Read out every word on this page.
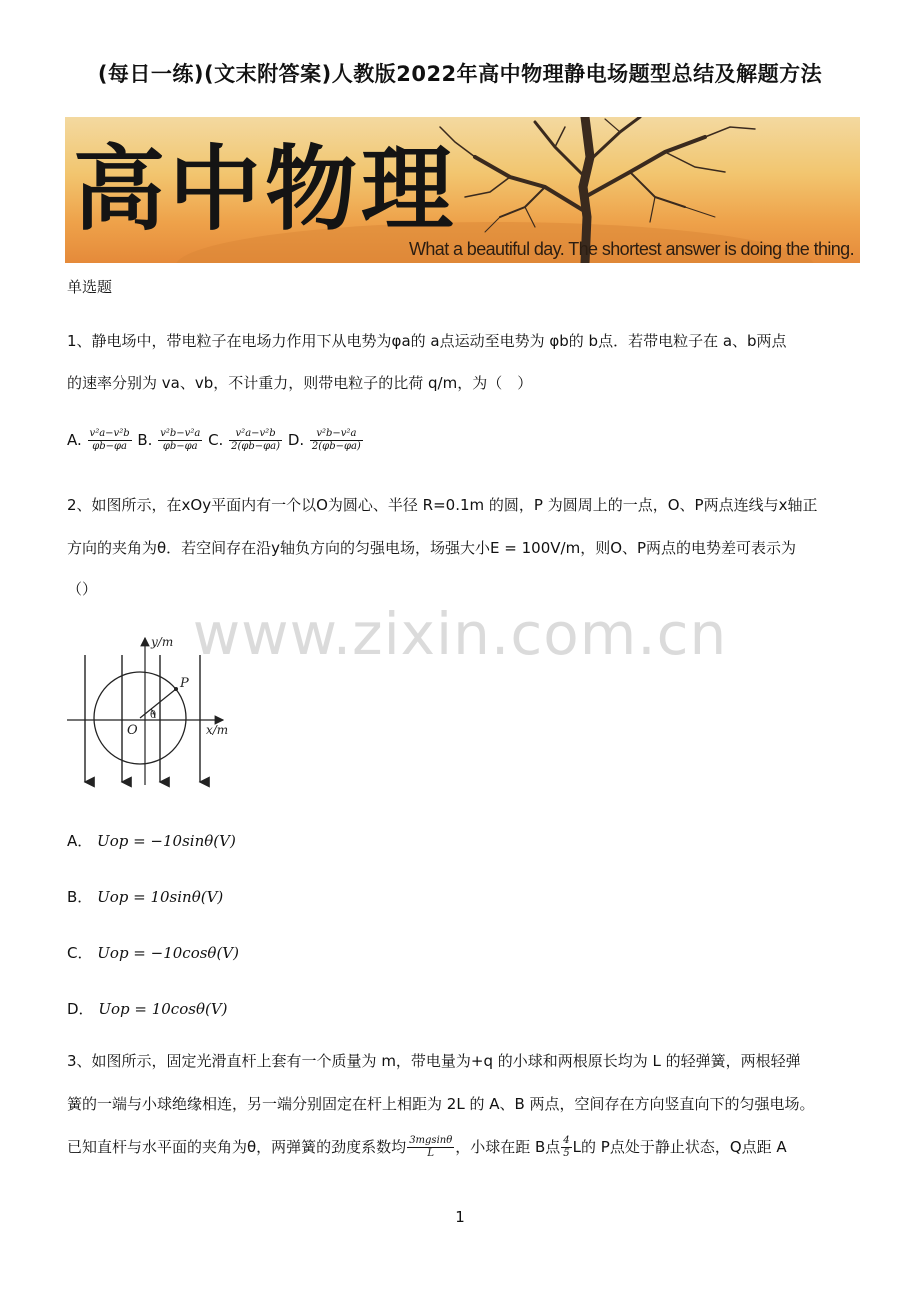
(每日一练)(文末附答案)人教版2022年高中物理静电场题型总结及解题方法
高中物理
What a beautiful day. The shortest answer is doing the thing.
单选题
1、静电场中，带电粒子在电场力作用下从电势为φa的 a点运动至电势为 φb的 b点．若带电粒子在 a、b两点
的速率分别为 va、vb，不计重力，则带电粒子的比荷 q/m，为（　）
A. $\frac{\text{v²a−v²b}}{\varphi b-\varphi a} B$. $\frac{\text{v²b−v²a}}{\varphi b-\varphi a} C$. $\frac{\text{v²a−v²b}}{2(\varphi b-\varphi a)} D$. $\frac{\text{v²b−v²a}}{2(\varphi b-\varphi a)}$
2、如图所示，在xOy平面内有一个以O为圆心、半径 R=0.1m 的圆，P 为圆周上的一点，O、P两点连线与x轴正
方向的夹角为θ．若空间存在沿y轴负方向的匀强电场，场强大小E = 100V/m，则O、P两点的电势差可表示为
（）
www.zixin.com.cn
y/m
x/m
O
P
θ
A． Uop = −10sinθ(V)
B． Uop = 10sinθ(V)
C． Uop = −10cosθ(V)
D． Uop = 10cosθ(V)
3、如图所示，固定光滑直杆上套有一个质量为 m，带电量为+q 的小球和两根原长均为 L 的轻弹簧，两根轻弹
簧的一端与小球绝缘相连，另一端分别固定在杆上相距为 2L 的 A、B 两点，空间存在方向竖直向下的匀强电场。
已知直杆与水平面的夹角为θ，两弹簧的劲度系数均 $\frac{3mgsin\theta}{L}$ ，小球在距 B点 $\frac{4}{5}$ L的 P点处于静止状态，Q点距 A
1
